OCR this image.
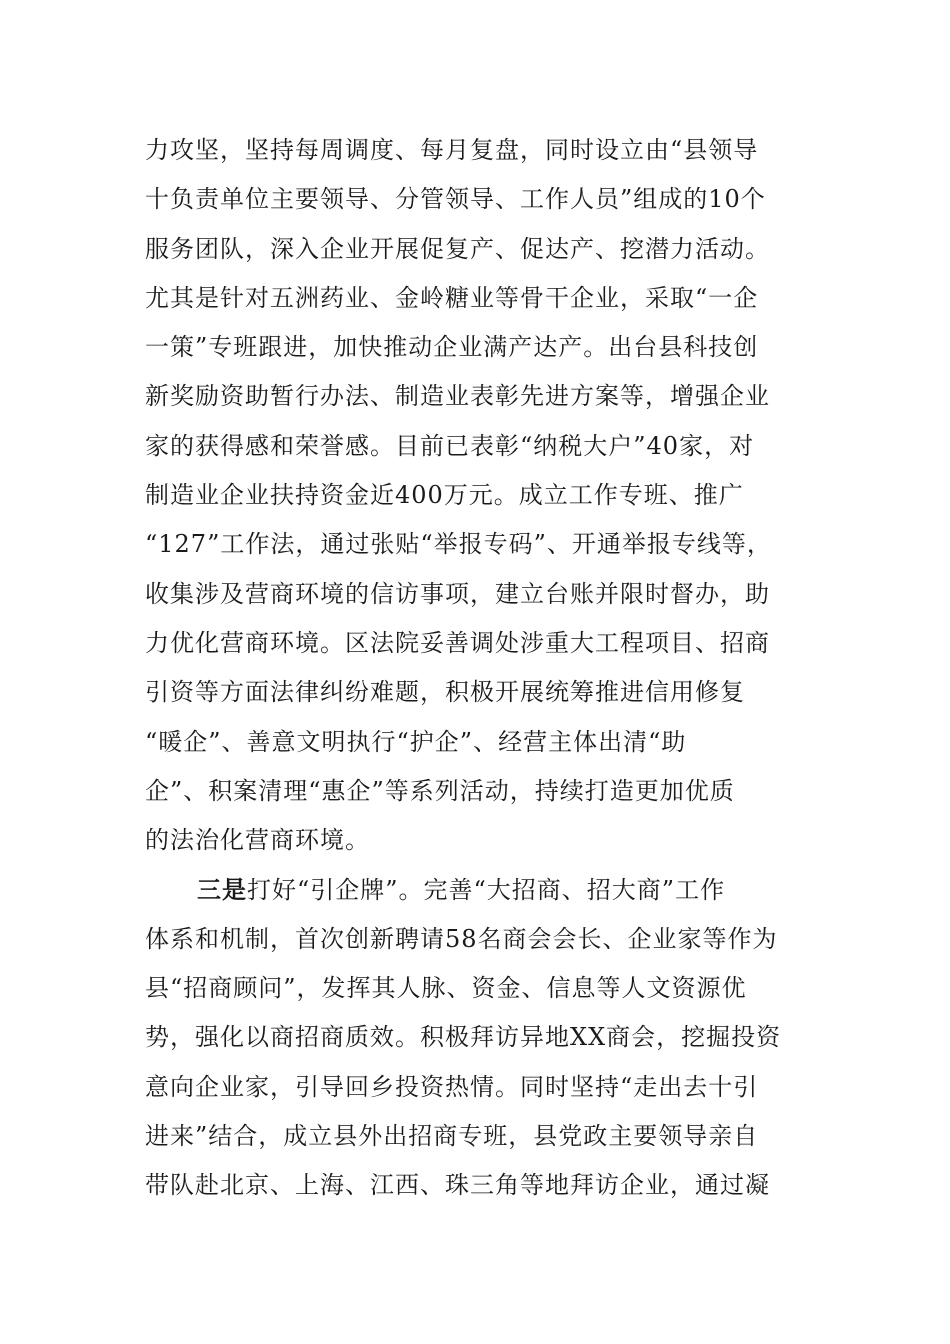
力攻坚，坚持每周调度、每月复盘，同时设立由“县领导
十负责单位主要领导、分管领导、工作人员”组成的10个
服务团队，深入企业开展促复产、促达产、挖潜力活动。
尤其是针对五洲药业、金岭糖业等骨干企业，采取“一企
一策”专班跟进，加快推动企业满产达产。出台县科技创
新奖励资助暂行办法、制造业表彰先进方案等，增强企业
家的获得感和荣誉感。目前已表彰“纳税大户”40家，对
制造业企业扶持资金近400万元。成立工作专班、推广
“127”工作法，通过张贴“举报专码”、开通举报专线等，
收集涉及营商环境的信访事项，建立台账并限时督办，助
力优化营商环境。区法院妥善调处涉重大工程项目、招商
引资等方面法律纠纷难题，积极开展统筹推进信用修复
“暖企”、善意文明执行“护企”、经营主体出清“助
企”、积案清理“惠企”等系列活动，持续打造更加优质
的法治化营商环境。
三是打好“引企牌”。完善“大招商、招大商”工作
体系和机制，首次创新聘请58名商会会长、企业家等作为
县“招商顾问”，发挥其人脉、资金、信息等人文资源优
势，强化以商招商质效。积极拜访异地XX商会，挖掘投资
意向企业家，引导回乡投资热情。同时坚持“走出去十引
进来”结合，成立县外出招商专班，县党政主要领导亲自
带队赴北京、上海、江西、珠三角等地拜访企业，通过凝
